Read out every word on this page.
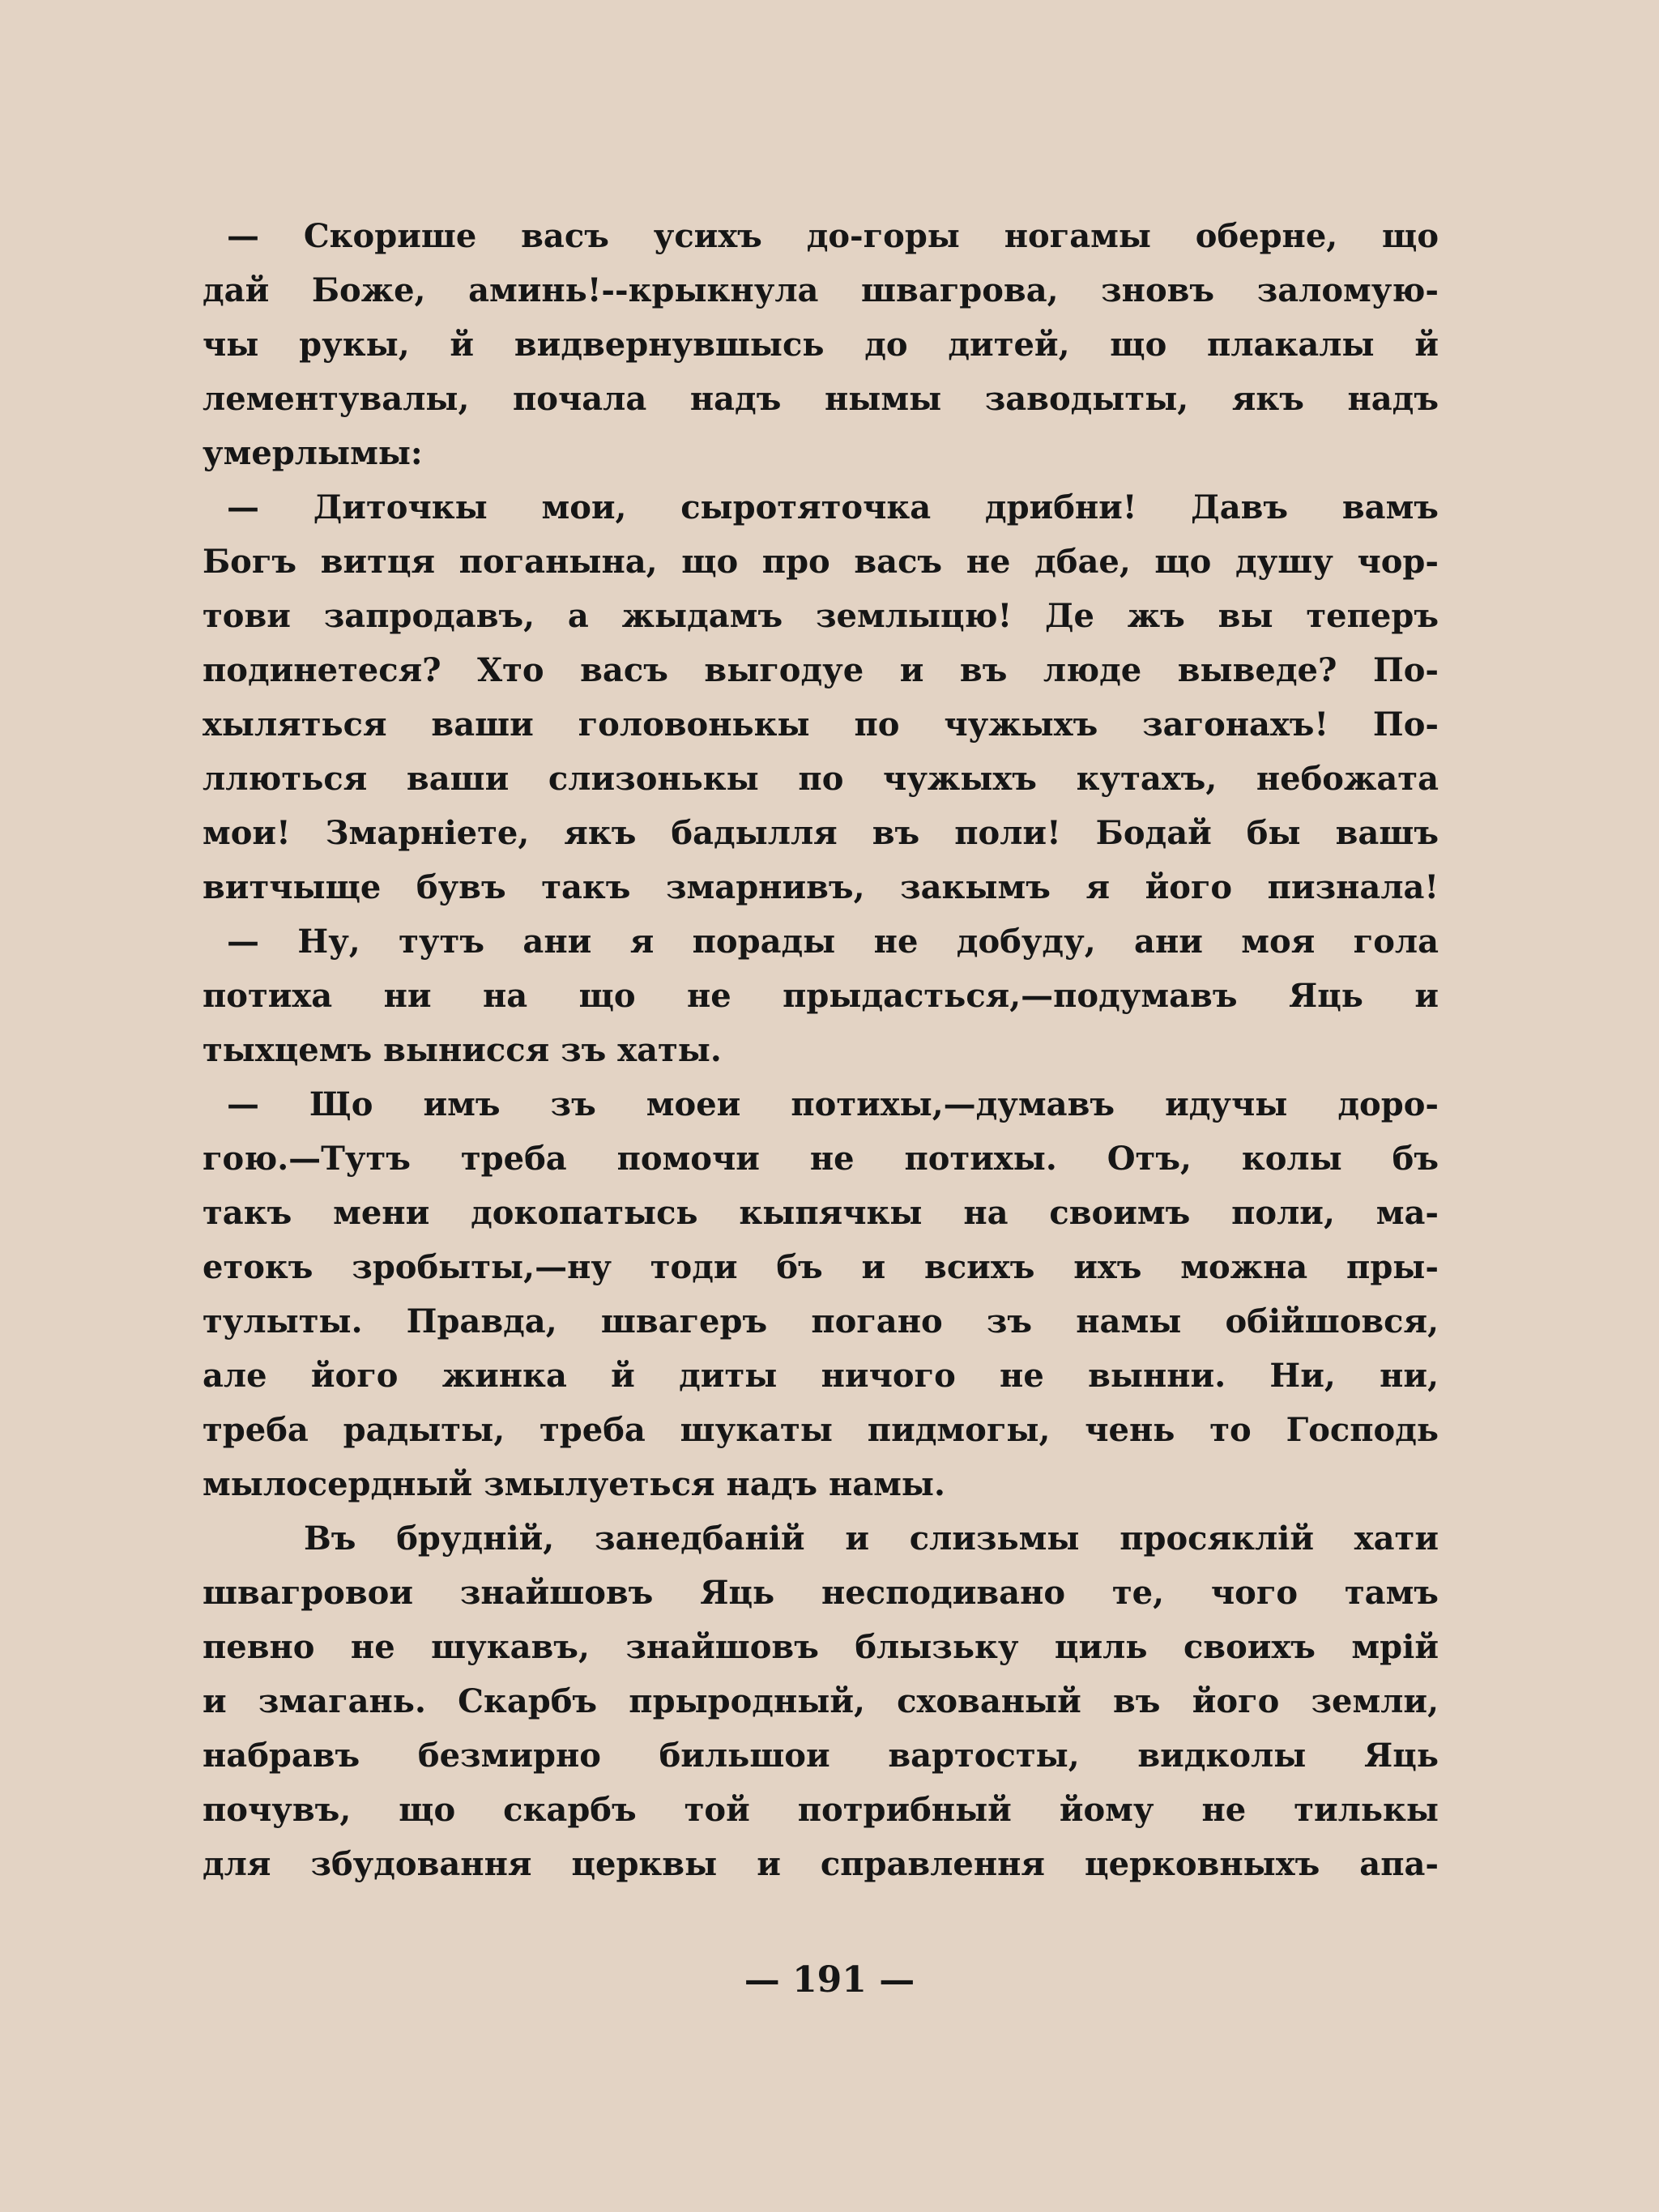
— Скорише васъ усихъ до-горы ногамы оберне, що
дай Боже, аминь!--крыкнула швагрова, зновъ заломую-
чы рукы, й видвернувшысь до дитей, що плакалы й
лементувалы, почала надъ нымы заводыты, якъ надъ
умерлымы:
— Диточкы мои, сыротяточка дрибни! Давъ вамъ
Богъ витця поганына, що про васъ не дбае, що душу чор-
тови запродавъ, а жыдамъ землыцю! Де жъ вы теперъ
подинетеся? Хто васъ выгодуе и въ люде выведе? По-
хыляться ваши головонькы по чужыхъ загонахъ! По-
ллються ваши слизонькы по чужыхъ кутахъ, небожата
мои! Змарніете, якъ бадылля въ поли! Бодай бы вашъ
витчыще бувъ такъ змарнивъ, закымъ я його пизнала!
— Ну, тутъ ани я порады не добуду, ани моя гола
потиха ни на що не прыдасться,—подумавъ Яць и
тыхцемъ вынисся зъ хаты.
— Що имъ зъ моеи потихы,—думавъ идучы доро-
гою.—Тутъ треба помочи не потихы. Отъ, колы бъ
такъ мени докопатысь кыпячкы на своимъ поли, ма-
етокъ зробыты,—ну тоди бъ и всихъ ихъ можна пры-
тулыты. Правда, швагеръ погано зъ намы обійшовся,
але його жинка й диты ничого не вынни. Ни, ни,
треба радыты, треба шукаты пидмогы, чень то Господь
мылосердный змылуеться надъ намы.
Въ брудній, занедбаній и слизьмы просяклій хати
швагровои знайшовъ Яць несподивано те, чого тамъ
певно не шукавъ, знайшовъ блызьку циль своихъ мрій
и змагань. Скарбъ прыродный, схованый въ його земли,
набравъ безмирно бильшои вартосты, видколы Яць
почувъ, що скарбъ той потрибный йому не тилькы
для збудовання церквы и справлення церковныхъ апа-
— 191 —
